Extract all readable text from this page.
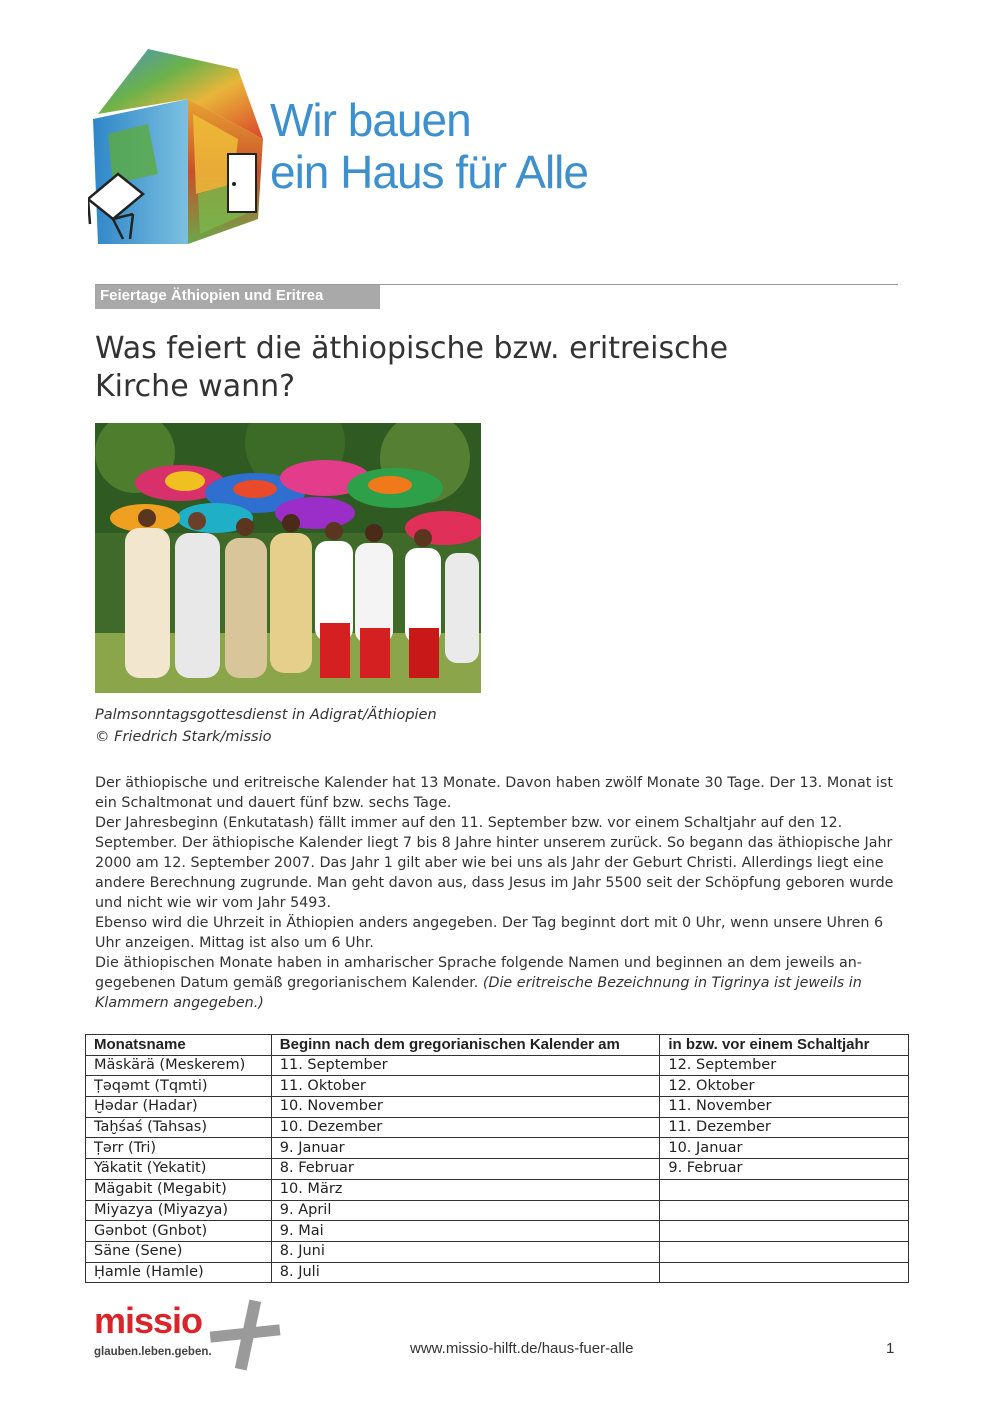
Wir bauen
ein Haus für Alle
Feiertage Äthiopien und Eritrea
Was feiert die äthiopische bzw. eritreische
Kirche wann?
Palmsonntagsgottesdienst in Adigrat/Äthiopien
© Friedrich Stark/missio

Der äthiopische und eritreische Kalender hat 13 Monate. Davon haben zwölf Monate 30 Tage. Der 13. Monat ist ein Schaltmonat und dauert fünf bzw. sechs Tage.

Der Jahresbeginn (Enkutatash) fällt immer auf den 11. September bzw. vor einem Schaltjahr auf den 12. September. Der äthiopische Kalender liegt 7 bis 8 Jahre hinter unserem zurück. So begann das äthiopische Jahr 2000 am 12. September 2007. Das Jahr 1 gilt aber wie bei uns als Jahr der Geburt Christi. Allerdings liegt eine andere Berechnung zugrunde. Man geht davon aus, dass Jesus im Jahr 5500 seit der Schöpfung geboren wurde und nicht wie wir vom Jahr 5493.

Ebenso wird die Uhrzeit in Äthiopien anders angegeben. Der Tag beginnt dort mit 0 Uhr, wenn unsere Uhren 6 Uhr anzeigen. Mittag ist also um 6 Uhr.

Die äthiopischen Monate haben in amharischer Sprache folgende Namen und beginnen an dem jeweils an-gegebenen Datum gemäß gregorianischem Kalender. (Die eritreische Bezeichnung in Tigrinya ist jeweils in Klammern angegeben.)

Monatsname	Beginn nach dem gregorianischen Kalender am	in bzw. vor einem Schaltjahr
Mäskärä (Meskerem)	11. September	12. September
Ṭəqəmt (Tqmti)	11. Oktober	12. Oktober
Ḫədar (Hadar)	10. November	11. November
Taḫśaś (Tahsas)	10. Dezember	11. Dezember
Ṭərr (Tri)	9. Januar	10. Januar
Yäkatit (Yekatit)	8. Februar	9. Februar
Mägabit (Megabit)	10. März	
Miyazya (Miyazya)	9. April	
Gənbot (Gnbot)	9. Mai	
Säne (Sene)	8. Juni	
Ḥamle (Hamle)	8. Juli	
missio
glauben.leben.geben.	www.missio-hilft.de/haus-fuer-alle	1
